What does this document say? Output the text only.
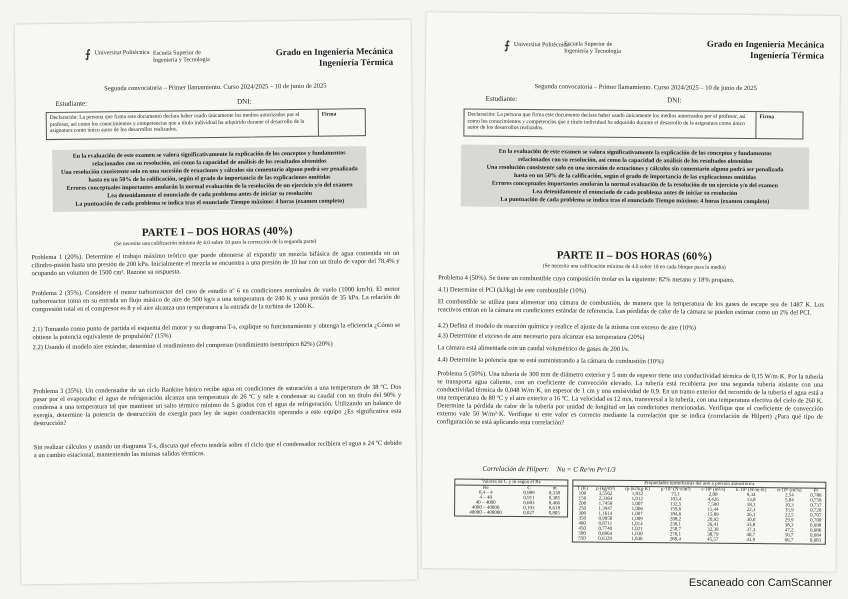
⨍ Universitat Politècnica Escuela Superior de Ingeniería y Tecnología
Grado en Ingeniería Mecánica
Ingeniería Térmica
Segunda convocatoria – Primer llamamiento. Curso 2024/2025 – 10 de junio de 2025
Estudiante:	DNI:
Declaración: La persona que firma este documento declara haber usado únicamente los medios autorizados por el profesor, así como los conocimientos y competencias que a título individual ha adquirido durante el desarrollo de la asignatura como único autor de los desarrollos realizados.
Firma
En la evaluación de este examen se valora significativamente la explicación de los conceptos y fundamentos
relacionados con su resolución, así como la capacidad de análisis de los resultados obtenidos
Una resolución consistente solo en una sucesión de ecuaciones y cálculos sin comentario alguno podrá ser penalizada
hasta en un 50% de la calificación, según el grado de importancia de las explicaciones omitidas
Errores conceptuales importantes anularán la normal evaluación de la resolución de un ejercicio y/o del examen
Lea detenidamente el enunciado de cada problema antes de iniciar su resolución
La puntuación de cada problema se indica tras el enunciado Tiempo máximo: 4 horas (examen completo)
PARTE I – DOS HORAS (40%)
(Se necesita una calificación mínima de 4.0 sobre 10 para la corrección de la segunda parte)
Problema 1 (20%). Determine el trabajo máximo teórico que puede obtenerse al expandir un mezcla bifásica de agua contenida en un cilindro-pistón hasta una presión de 200 kPa. Inicialmente el mezcla se encuentra a una presión de 10 bar con un título de vapor del 78,4% y ocupando un volumen de 1500 cm³. Razone su respuesta.
Problema 2 (35%). Considere el motor turborreactor del caso de estudio nº 6 en condiciones nominales de vuelo (1000 km/h). El motor turborreactor toma en su entrada un flujo másico de aire de 500 kg/s a una temperatura de 240 K y una presión de 35 kPa. La relación de compresión total en el compresor es 8 y el aire alcanza una temperatura a la entrada de la turbina de 1200 K.
2.1) Tomando como punto de partida el esquema del motor y su diagrama T-s, explique su funcionamiento y obtenga la eficiencia ¿Cómo se obtiene la potencia equivalente de propulsión? (15%)
2.2) Usando el modelo aire estándar, determine el rendimiento del compresor (rendimiento isentrópico 82%) (20%)
Problema 3 (35%). Un condensador de un ciclo Rankine básico recibe agua en condiciones de saturación a una temperatura de 38 ºC. Dos pasar por el evaporador el agua de refrigeración alcanza una temperatura de 26 ºC y sale a condensar su caudal con un título del 90% y condensa a una temperatura tal que mantiene un salto térmico mínimo de 5 grados con el agua de refrigeración. Utilizando un balance de exergía, determine la potencia de destrucción de exergía para ley de super condensación operando a este equipo ¿Es significativa esta destrucción?
Sin realizar cálculos y usando un diagrama T-s, discuta qué efecto tendría sobre el ciclo que el condensador recibiera el agua a 24 ºC debido a un cambio estacional, manteniendo las mismas salidas térmicas.
⨍ Universitat Politècnica
Escuela Superior de Ingeniería y Tecnología
Grado en Ingeniería Mecánica
Ingeniería Térmica
Segunda convocatoria – Primer llamamiento. Curso 2024/2025 – 10 de junio de 2025
Estudiante:	DNI:
Declaración: La persona que firma este documento declara haber usado únicamente los medios autorizados por el profesor, así como los conocimientos y competencias que a título individual ha adquirido durante el desarrollo de la asignatura como único autor de los desarrollos realizados.
Firma
En la evaluación de este examen se valora significativamente la explicación de los conceptos y fundamentos
relacionados con su resolución, así como la capacidad de análisis de los resultados obtenidos
Una resolución consistente solo en una sucesión de ecuaciones y cálculos sin comentario alguno podrá ser penalizada
hasta en un 50% de la calificación, según el grado de importancia de las explicaciones omitidas
Errores conceptuales importantes anularán la normal evaluación de la resolución de un ejercicio y/o del examen
Lea detenidamente el enunciado de cada problema antes de iniciar su resolución
La puntuación de cada problema se indica tras el enunciado Tiempo máximo: 4 horas (examen completo)
PARTE II – DOS HORAS (60%)
(Se necesita una calificación mínima de 4.0 sobre 10 en cada bloque para la media)
Problema 4 (50%). Se tiene un combustible cuya composición molar es la siguiente: 82% metano y 18% propano.
4.1) Determine el PCI (kJ/kg) de este combustible (10%)
El combustible se utiliza para alimentar una cámara de combustión, de manera que la temperatura de los gases de escape sea de 1487 K. Los reactivos entran en la cámara en condiciones estándar de referencia. Las pérdidas de calor de la cámara se pueden estimar como un 2% del PCI.
4.2) Defina el modelo de reacción química y realice el ajuste de la misma con exceso de aire (10%)
4.3) Determine el exceso de aire necesario para alcanzar esa temperatura (20%)
La cámara está alimentada con un caudal volumétrico de gases de 200 l/s.
4.4) Determine la potencia que se está suministrando a la cámara de combustión (10%)
Problema 5 (50%). Una tubería de 300 mm de diámetro exterior y 5 mm de espesor tiene una conductividad térmica de 0,15 W/m·K. Por la tubería se transporta agua caliente, con un coeficiente de convección elevado. La tubería está recubierta por una segunda tubería aislante con una conductividad térmica de 0,048 W/m·K, un espesor de 1 cm y una emisividad de 0,9. En un tramo exterior del recorrido de la tubería el agua está a una temperatura de 80 ºC y el aire exterior a 16 ºC. La velocidad es 12 m/s, transversal a la tubería, con una temperatura efectiva del cielo de 260 K. Determine la pérdida de calor de la tubería por unidad de longitud en las condiciones mencionadas. Verifique que el coeficiente de convección externo vale 50 W/m²·K. Verifique si este valor es correcto mediante la correlación que se indica (correlación de Hilpert) ¿Para qué tipo de configuración se está aplicando esta correlación?
Correlación de Hilpert: Nu = C Re^m Pr^1/3
Valores de C y m según el Re
Re	C	m
0,4 – 4	0,989	0,330
4 – 40	0,911	0,385
40 – 4000	0,683	0,466
4000 – 40000	0,193	0,618
40000 – 400000	0,027	0,805
Propiedades termofísicas del aire a presión atmosférica
T (K)	ρ (kg/m³)	cp (kJ/kg·K)	μ·10⁷ (N·s/m²)	ν·10⁶ (m²/s)	k·10³ (W/m·K)	α·10⁶ (m²/s)	Pr
100	3,5562	1,032	71,1	2,00	9,34	2,54	0,786
150	2,3364	1,012	103,4	4,426	13,8	5,84	0,758
200	1,7458	1,007	132,5	7,590	18,1	10,3	0,737
250	1,3947	1,006	159,6	11,44	22,3	15,9	0,720
300	1,1614	1,007	184,6	15,89	26,3	22,5	0,707
350	0,9950	1,009	208,2	20,92	30,0	29,9	0,700
400	0,8711	1,014	230,1	26,41	33,8	38,3	0,690
450	0,7740	1,021	250,7	32,39	37,3	47,2	0,686
500	0,6964	1,030	270,1	38,79	40,7	56,7	0,684
550	0,6329	1,040	288,4	45,57	43,9	66,7	0,683
Escaneado con CamScanner
